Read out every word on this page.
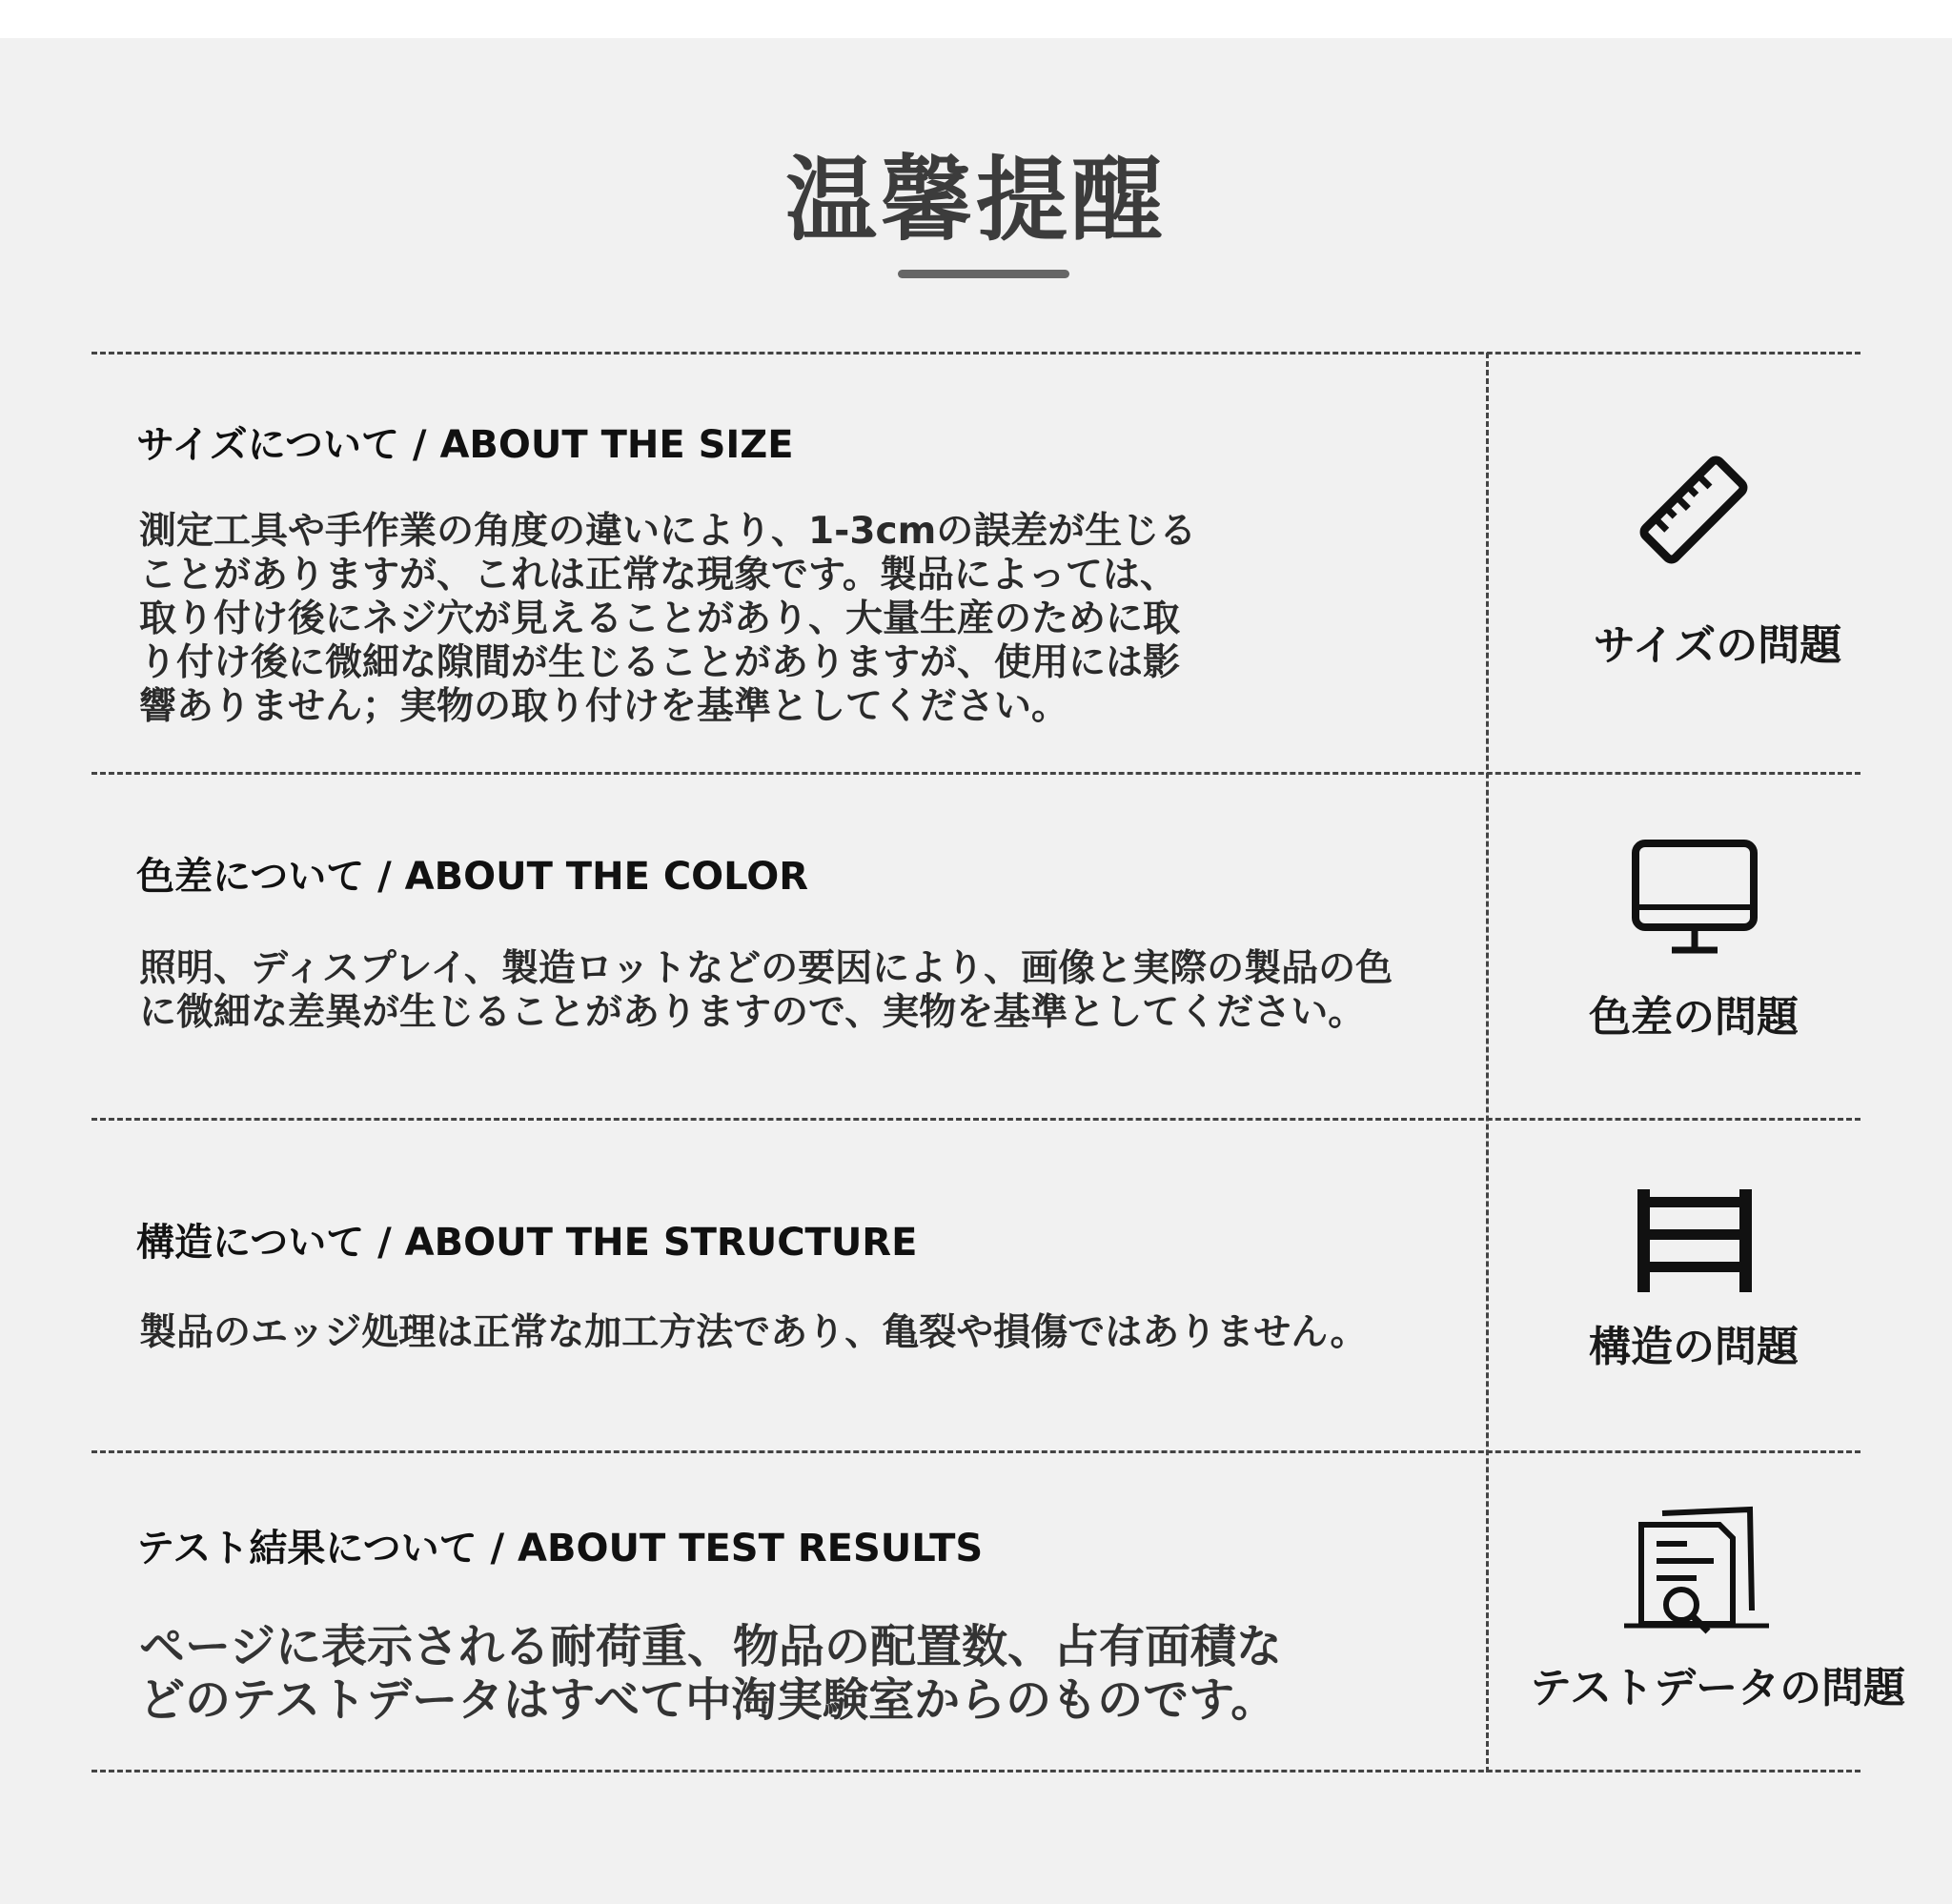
温馨提醒
サイズについて / ABOUT THE SIZE
測定工具や手作業の角度の違いにより、1-3cmの誤差が生じる
ことがありますが、これは正常な現象です。製品によっては、
取り付け後にネジ穴が見えることがあり、大量生産のために取
り付け後に微細な隙間が生じることがありますが、使用には影
響ありません；実物の取り付けを基準としてください。
サイズの問題
色差について / ABOUT THE COLOR
照明、ディスプレイ、製造ロットなどの要因により、画像と実際の製品の色
に微細な差異が生じることがありますので、実物を基準としてください。	色差の問題
構造について / ABOUT THE STRUCTURE
製品のエッジ処理は正常な加工方法であり、亀裂や損傷ではありません。	構造の問題
テスト結果について / ABOUT TEST RESULTS
ページに表示される耐荷重、物品の配置数、占有面積な
どのテストデータはすべて中淘実験室からのものです。	テストデータの問題
